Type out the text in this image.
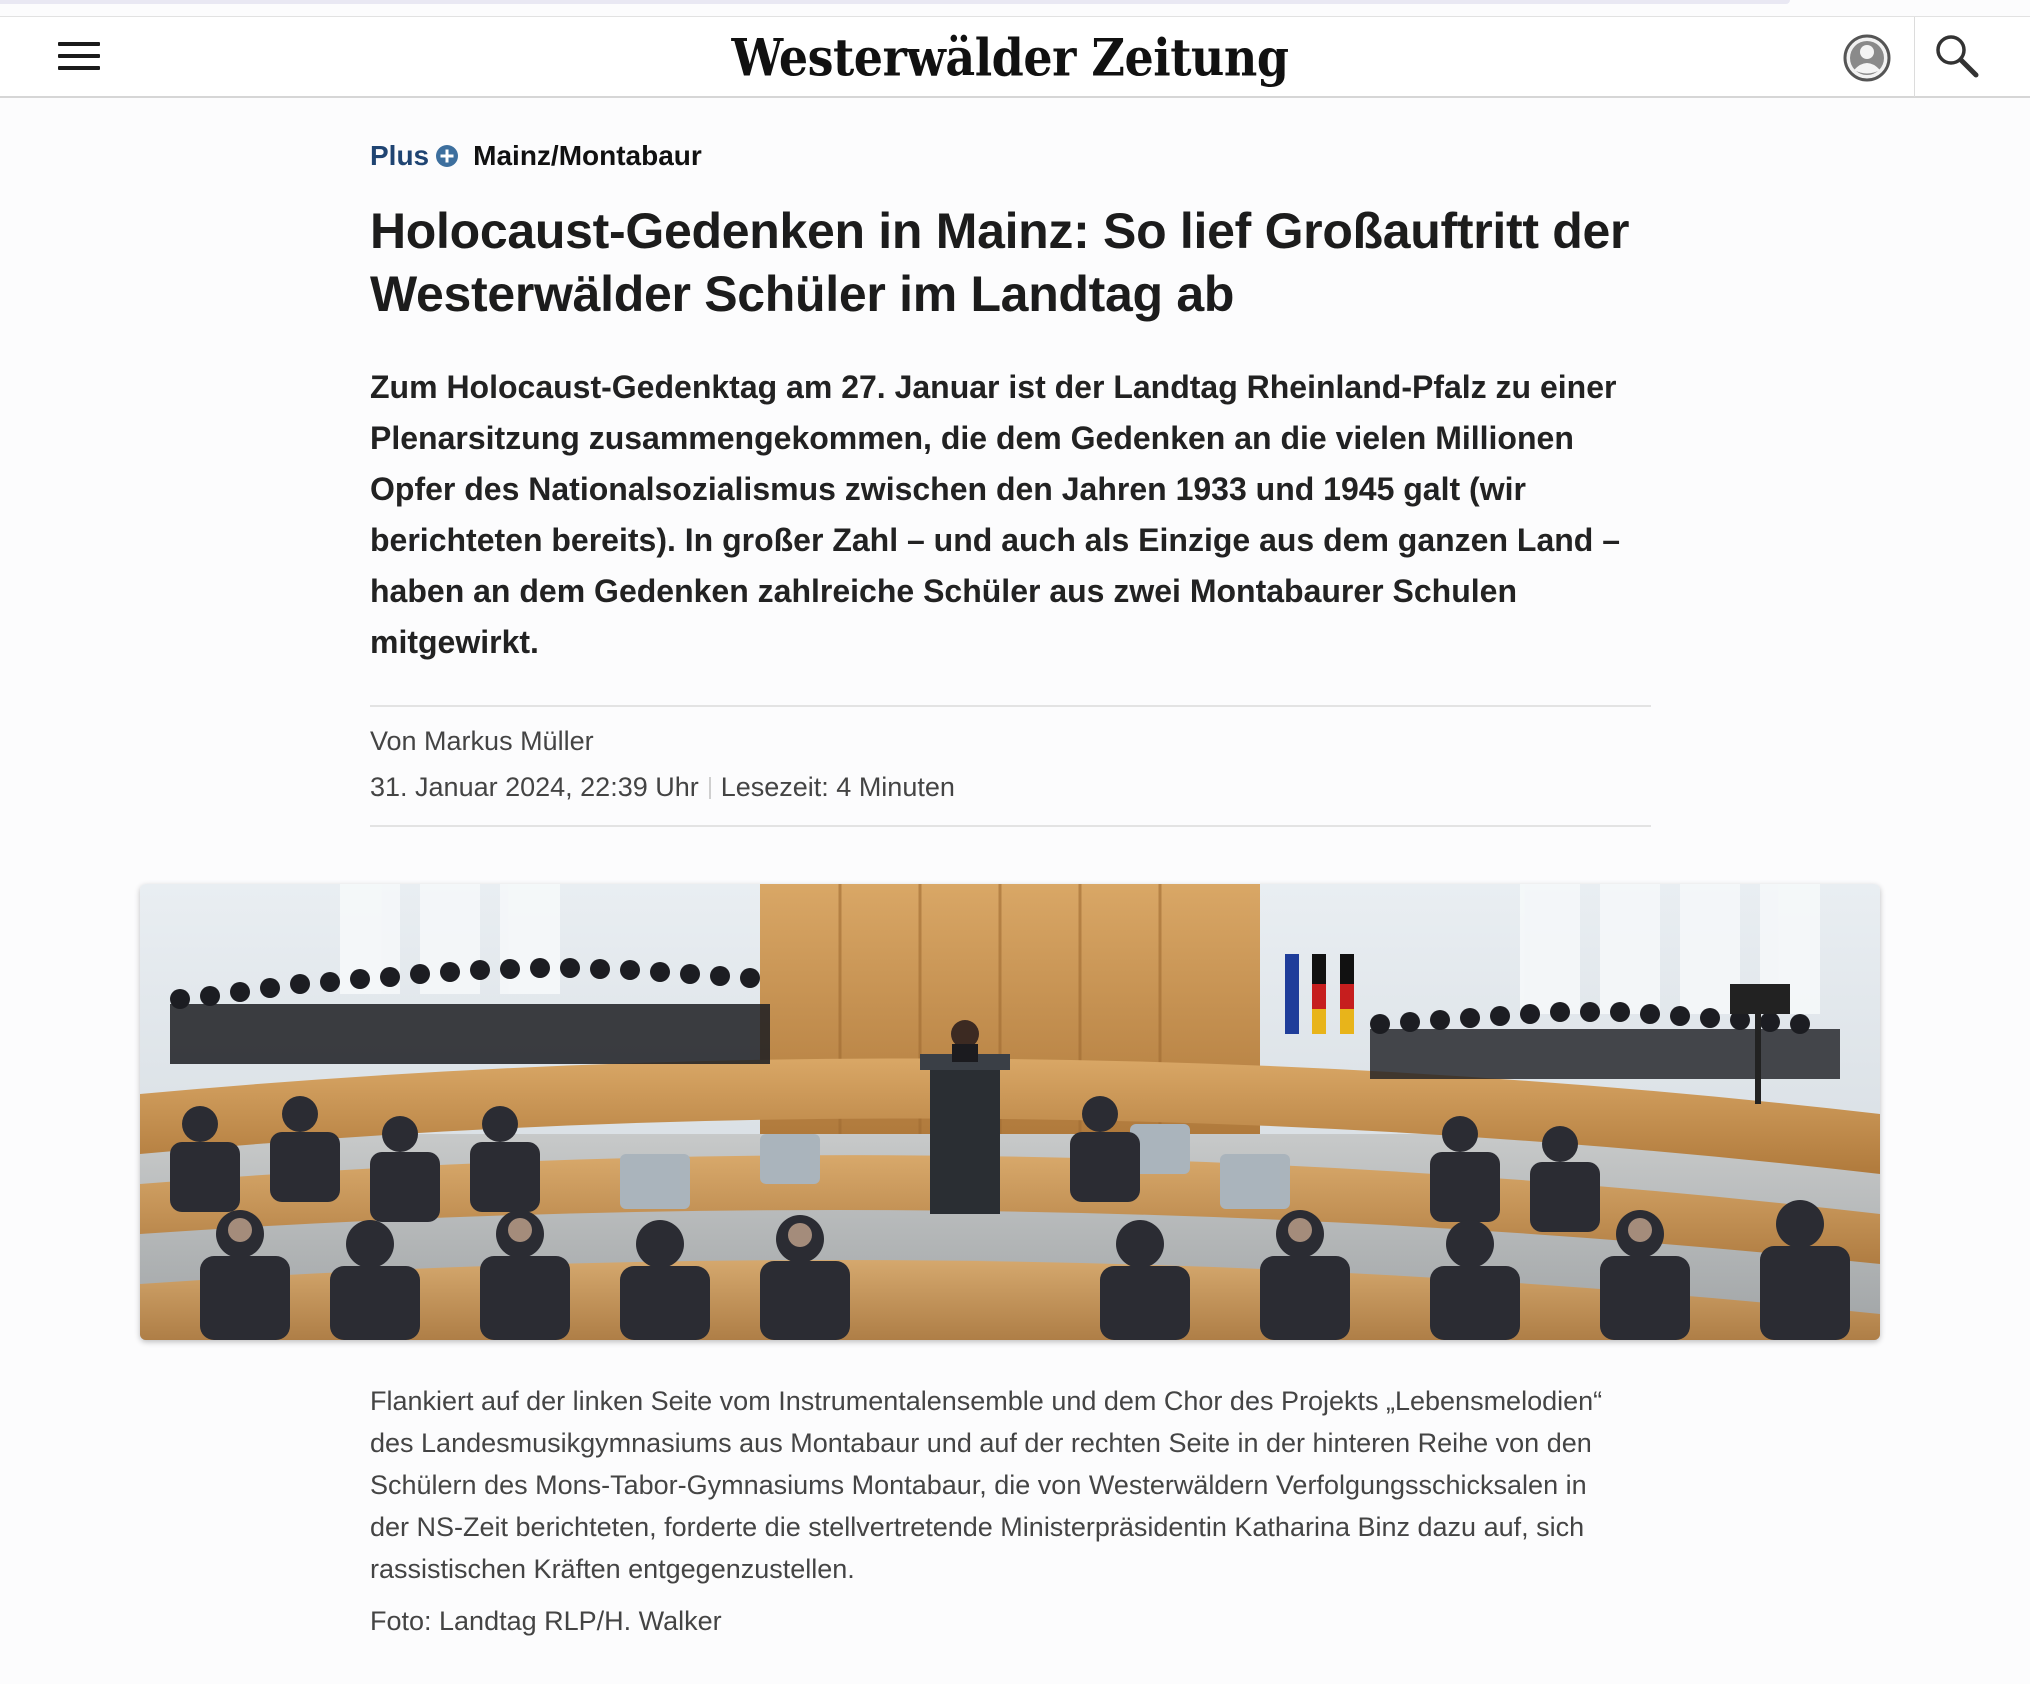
Westerwälder Zeitung
Plus Mainz/Montabaur
Holocaust-Gedenken in Mainz: So lief Großauftritt der
Westerwälder Schüler im Landtag ab
Zum Holocaust-Gedenktag am 27. Januar ist der Landtag Rheinland-Pfalz zu einer
Plenarsitzung zusammengekommen, die dem Gedenken an die vielen Millionen
Opfer des Nationalsozialismus zwischen den Jahren 1933 und 1945 galt (wir
berichteten bereits). In großer Zahl – und auch als Einzige aus dem ganzen Land –
haben an dem Gedenken zahlreiche Schüler aus zwei Montabaurer Schulen
mitgewirkt.
Von Markus Müller
31. Januar 2024, 22:39 Uhr Lesezeit: 4 Minuten
Flankiert auf der linken Seite vom Instrumentalensemble und dem Chor des Projekts „Lebensmelodien“
des Landesmusikgymnasiums aus Montabaur und auf der rechten Seite in der hinteren Reihe von den
Schülern des Mons-Tabor-Gymnasiums Montabaur, die von Westerwäldern Verfolgungsschicksalen in
der NS-Zeit berichteten, forderte die stellvertretende Ministerpräsidentin Katharina Binz dazu auf, sich
rassistischen Kräften entgegenzustellen.
Foto: Landtag RLP/H. Walker
